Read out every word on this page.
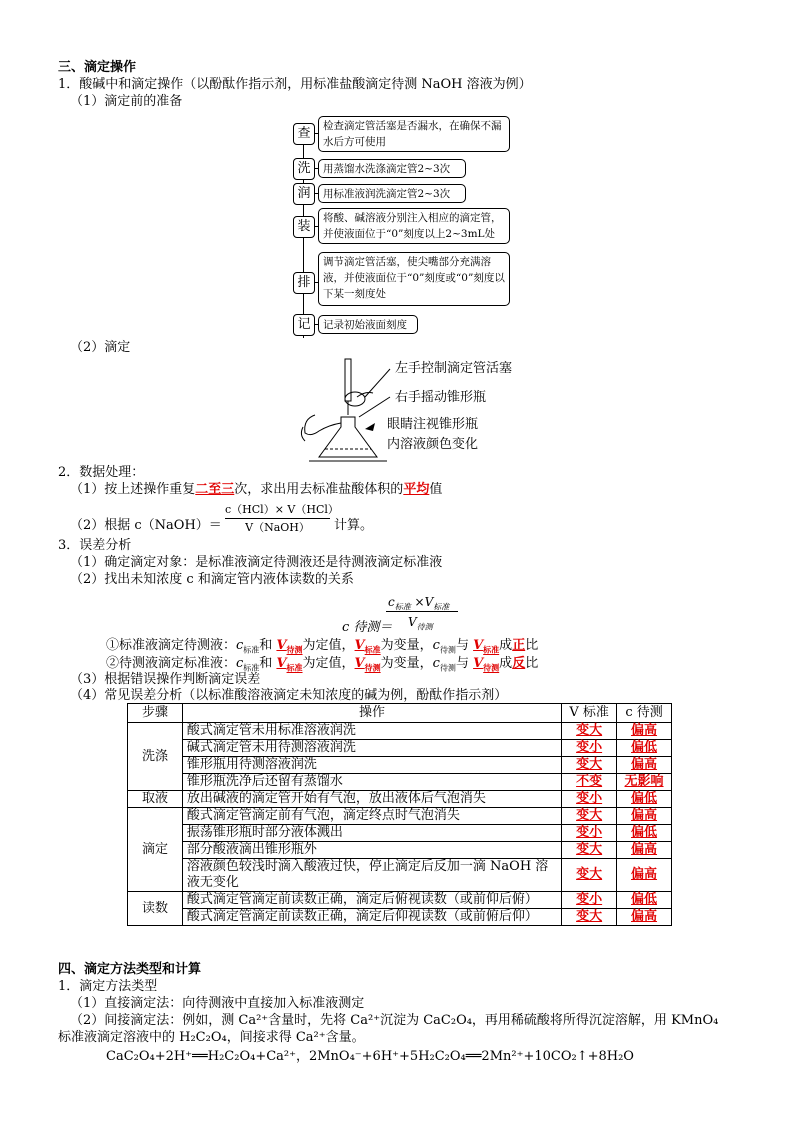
三、滴定操作
1．酸碱中和滴定操作（以酚酞作指示剂，用标准盐酸滴定待测 NaOH 溶液为例）
（1）滴定前的准备
查	检查滴定管活塞是否漏水，在确保不漏水后方可使用
洗	用蒸馏水洗涤滴定管2~3次
润	用标准液润洗滴定管2~3次
装
将酸、碱溶液分别注入相应的滴定管，并使液面位于“0”刻度以上2~3mL处
排
调节滴定管活塞，使尖嘴部分充满溶液，并使液面位于“0”刻度或“0”刻度以下某一刻度处
记	记录初始液面刻度
（2）滴定
左手控制滴定管活塞
右手摇动锥形瓶
眼睛注视锥形瓶
内溶液颜色变化
2．数据处理：
（1）按上述操作重复二至三次，求出用去标准盐酸体积的平均值
（2）根据 c（NaOH）＝
c（HCl）× V（HCl）
V（NaOH）	计算。
3．误差分析
（1）确定滴定对象：是标准液滴定待测液还是待测液滴定标准液
（2）找出未知浓度 c 和滴定管内液体读数的关系
c 待测＝
$c_{标准} \times V_{标准}$
$V_{待测}$
①标准液滴定待测液：$c_{标准}$和 $V_{待测}$为定值，$V_{标准}$为变量，$c_{待测}$与 $V_{标准}$成正比
②待测液滴定标准液：$c_{标准}$和 $V_{标准}$为定值，$V_{待测}$为变量，$c_{待测}$与 $V_{待测}$成反比
（3）根据错误操作判断滴定误差
（4）常见误差分析（以标准酸溶液滴定未知浓度的碱为例，酚酞作指示剂）
步骤	操作	V 标准	c 待测
洗涤	酸式滴定管未用标准溶液润洗	变大	偏高
	碱式滴定管未用待测溶液润洗	变小	偏低
	锥形瓶用待测溶液润洗	变大	偏高
	锥形瓶洗净后还留有蒸馏水	不变	无影响
取液	放出碱液的滴定管开始有气泡，放出液体后气泡消失	变小	偏低
滴定	酸式滴定管滴定前有气泡，滴定终点时气泡消失	变大	偏高
	振荡锥形瓶时部分液体溅出	变小	偏低
	部分酸液滴出锥形瓶外	变大	偏高
	溶液颜色较浅时滴入酸液过快，停止滴定后反加一滴 NaOH 溶液无变化	变大	偏高
读数	酸式滴定管滴定前读数正确，滴定后俯视读数（或前仰后俯）	变小	偏低
	酸式滴定管滴定前读数正确，滴定后仰视读数（或前俯后仰）	变大	偏高
四、滴定方法类型和计算
1．滴定方法类型
（1）直接滴定法：向待测液中直接加入标准液测定
（2）间接滴定法：例如，测 Ca²⁺含量时，先将 Ca²⁺沉淀为 CaC₂O₄，再用稀硫酸将所得沉淀溶解，用 KMnO₄
标准液滴定溶液中的 H₂C₂O₄，间接求得 Ca²⁺含量。
CaC₂O₄+2H⁺══H₂C₂O₄+Ca²⁺，2MnO₄⁻+6H⁺+5H₂C₂O₄══2Mn²⁺+10CO₂↑+8H₂O
